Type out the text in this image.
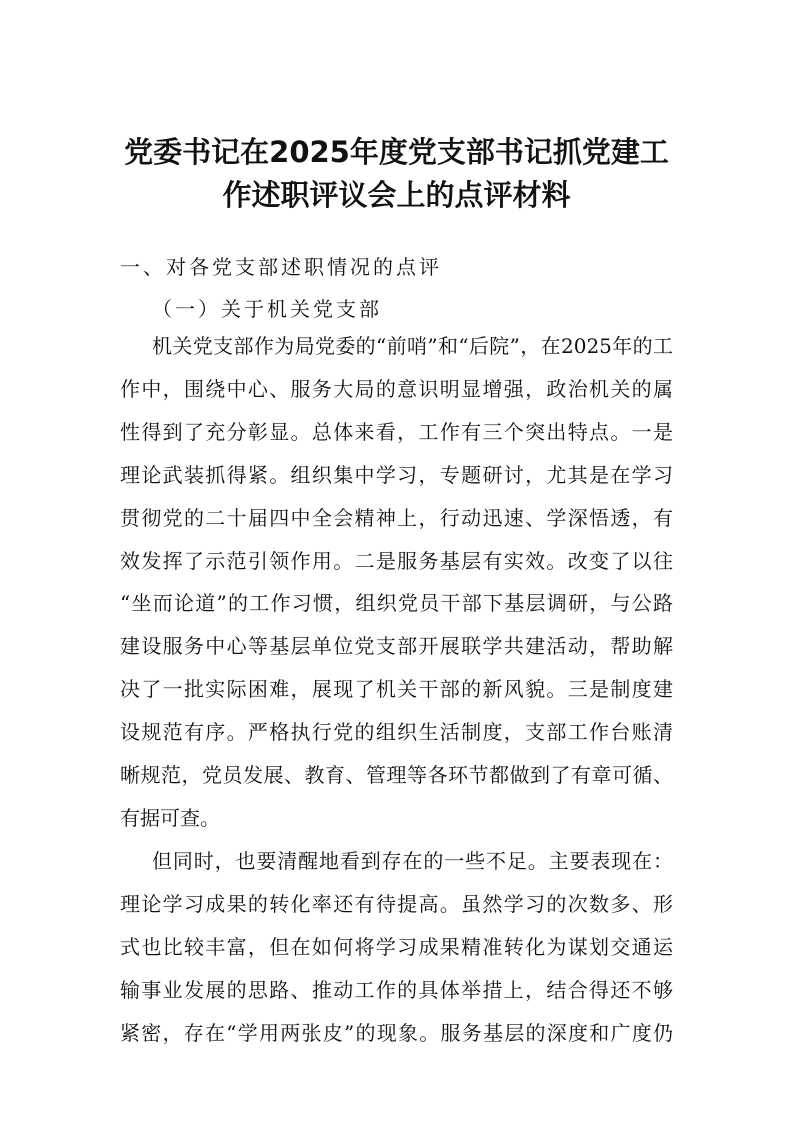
党委书记在2025年度党支部书记抓党建工
作述职评议会上的点评材料
一、对各党支部述职情况的点评
（一）关于机关党支部
机关党支部作为局党委的“前哨”和“后院”，在2025年的工
作中，围绕中心、服务大局的意识明显增强，政治机关的属
性得到了充分彰显。总体来看，工作有三个突出特点。一是
理论武装抓得紧。组织集中学习，专题研讨，尤其是在学习
贯彻党的二十届四中全会精神上，行动迅速、学深悟透，有
效发挥了示范引领作用。二是服务基层有实效。改变了以往
“坐而论道”的工作习惯，组织党员干部下基层调研，与公路
建设服务中心等基层单位党支部开展联学共建活动，帮助解
决了一批实际困难，展现了机关干部的新风貌。三是制度建
设规范有序。严格执行党的组织生活制度，支部工作台账清
晰规范，党员发展、教育、管理等各环节都做到了有章可循、
有据可查。
但同时，也要清醒地看到存在的一些不足。主要表现在：
理论学习成果的转化率还有待提高。虽然学习的次数多、形
式也比较丰富，但在如何将学习成果精准转化为谋划交通运
输事业发展的思路、推动工作的具体举措上，结合得还不够
紧密，存在“学用两张皮”的现象。服务基层的深度和广度仍
